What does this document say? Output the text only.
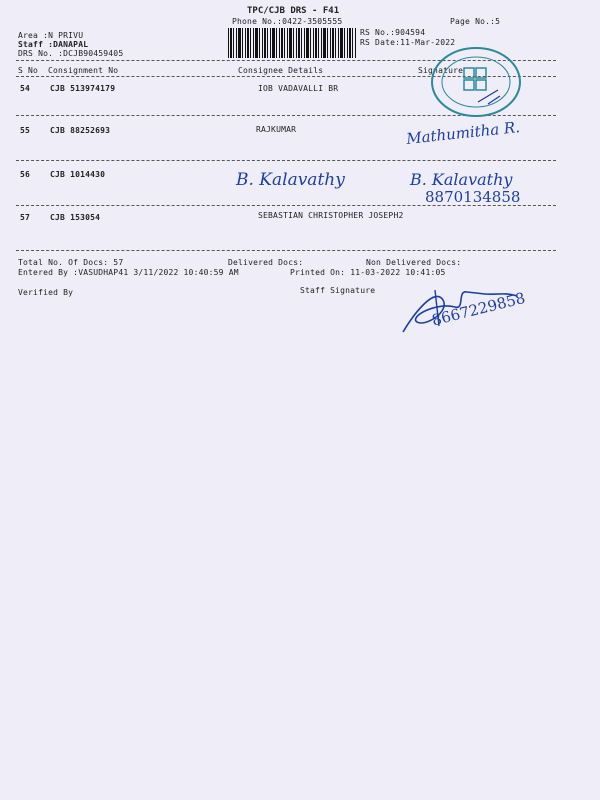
TPC/CJB DRS - F41
Phone No.:0422-3505555	Page No.:5
Area :N PRIVU
Staff :DANAPAL
DRS No. :DCJB90459405
RS No.:904594
RS Date:11-Mar-2022
S No Consignment No	Consignee Details	Signature
54 CJB 513974179	IOB VADAVALLI BR
55 CJB 88252693	RAJKUMAR	Mathumitha R.
56 CJB 1014430	B. Kalavathy	B. Kalavathy
8870134858
57 CJB 153054	SEBASTIAN CHRISTOPHER JOSEPH2
Total No. Of Docs: 57	Delivered Docs:	Non Delivered Docs:
Entered By :VASUDHAP41 3/11/2022 10:40:59 AM	Printed On: 11-03-2022 10:41:05
Verified By	Staff Signature	8667229858
